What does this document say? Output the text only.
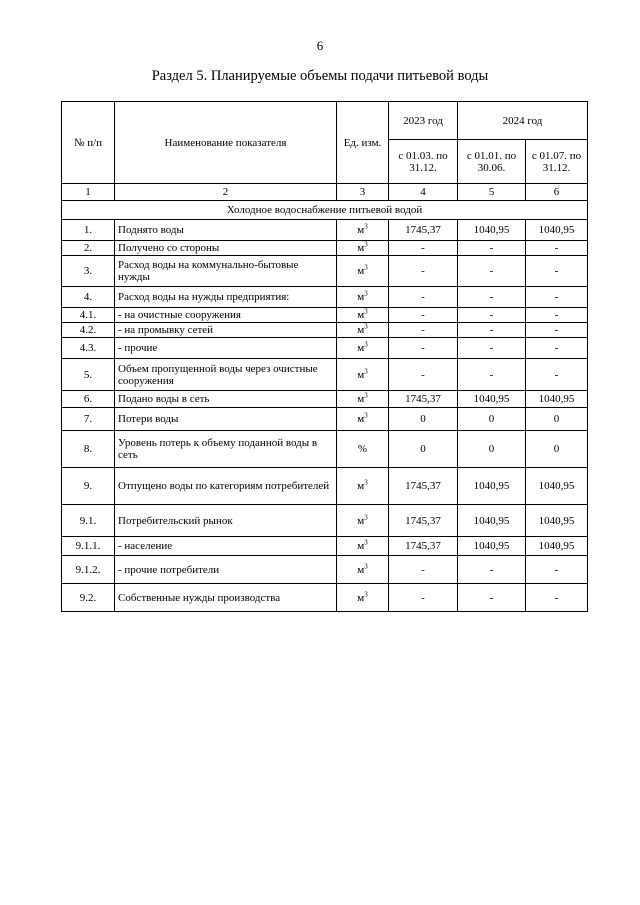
6
Раздел 5. Планируемые объемы подачи питьевой воды
№ п/п	Наименование показателя	Ед. изм.	2023 год	2024 год	
			с 01.03. по 31.12.	с 01.01. по 30.06.	с 01.07. по 31.12.
1	2	3	4	5	6
Холодное водоснабжение питьевой водой					
1.	Поднято воды	$м^3$	1745,37	1040,95	1040,95
2.	Получено со стороны	$м^3$	-	-	-
3.	Расход воды на коммунально-бытовые нужды	$м^3$	-	-	-
4.	Расход воды на нужды предприятия:	$м^3$	-	-	-
4.1.	- на очистные сооружения	$м^3$	-	-	-
4.2.	- на промывку сетей	$м^3$	-	-	-
4.3.	- прочие	$м^3$	-	-	-
5.	Объем пропущенной воды через очистные сооружения	$м^3$	-	-	-
6.	Подано воды в сеть	$м^3$	1745,37	1040,95	1040,95
7.	Потери воды	$м^3$	0	0	0
8.	Уровень потерь к объему поданной воды в сеть	%	0	0	0
9.	Отпущено воды по категориям потребителей	$м^3$	1745,37	1040,95	1040,95
9.1.	Потребительский рынок	$м^3$	1745,37	1040,95	1040,95
9.1.1.	- население	$м^3$	1745,37	1040,95	1040,95
9.1.2.	- прочие потребители	$м^3$	-	-	-
9.2.	Собственные нужды производства	$м^3$	-	-	-
